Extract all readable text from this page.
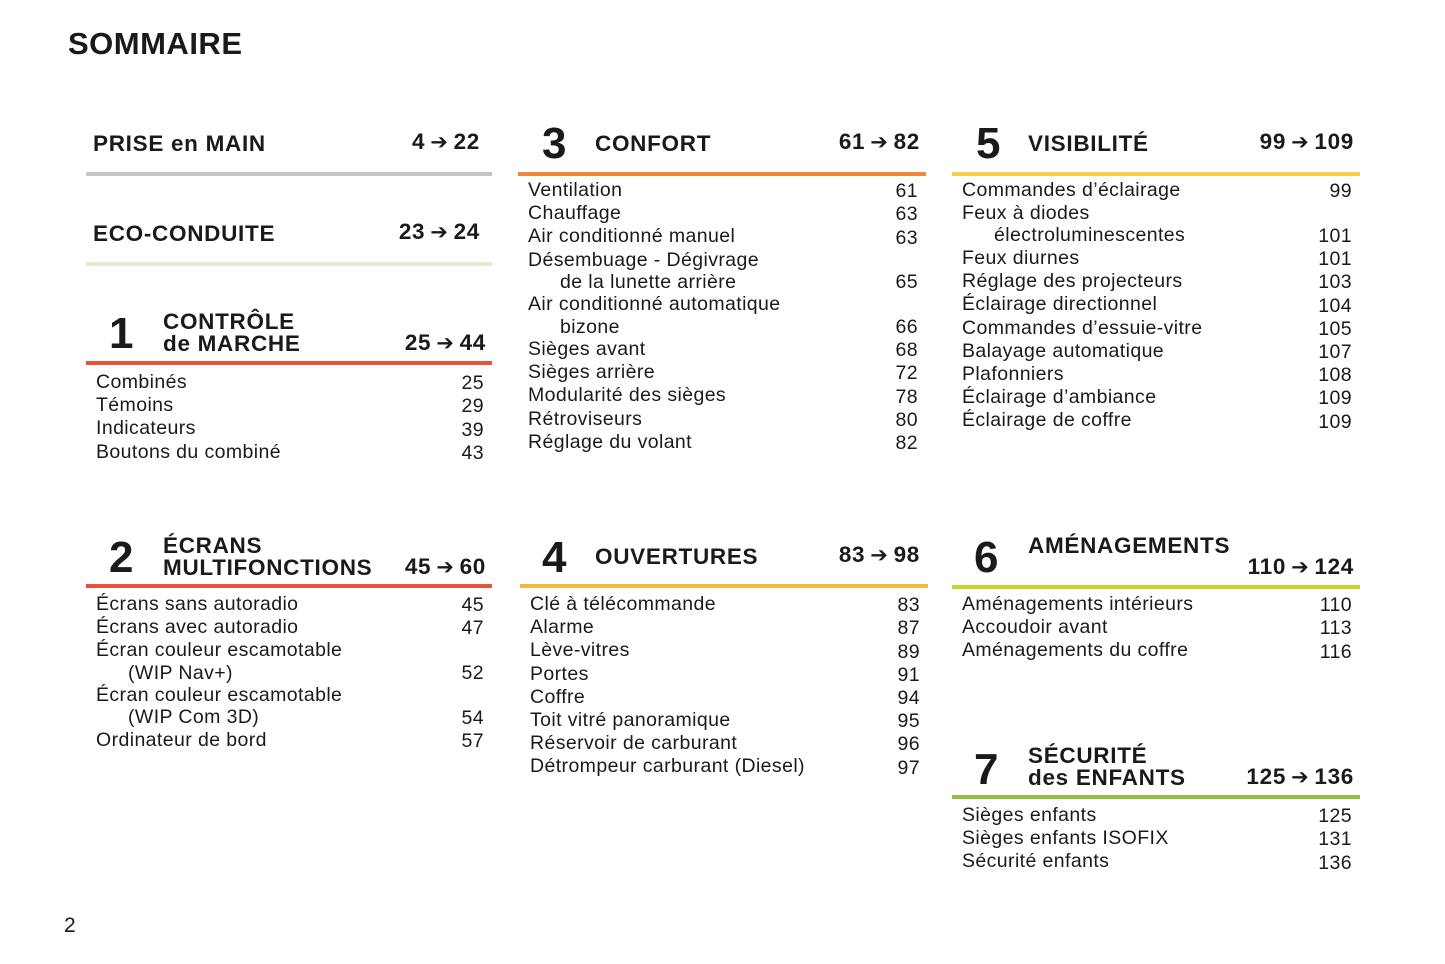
SOMMAIRE
PRISE en MAIN	4 ➔ 22
ECO-CONDUITE	23 ➔ 24
1 CONTRÔLE
de MARCHE	25 ➔ 44
Combinés	25
Témoins	29
Indicateurs	39
Boutons du combiné	43
2 ÉCRANS
MULTIFONCTIONS 45 ➔ 60
Écrans sans autoradio	45
Écrans avec autoradio	47
Écran couleur escamotable
(WIP Nav+)	52
Écran couleur escamotable
(WIP Com 3D)	54
Ordinateur de bord	57
3 CONFORT	61 ➔ 82
Ventilation	61
Chauffage	63
Air conditionné manuel	63
Désembuage - Dégivrage
de la lunette arrière	65
Air conditionné automatique
bizone	66
Sièges avant	68
Sièges arrière	72
Modularité des sièges	78
Rétroviseurs	80
Réglage du volant	82
4 OUVERTURES	83 ➔ 98
Clé à télécommande	83
Alarme	87
Lève-vitres	89
Portes	91
Coffre	94
Toit vitré panoramique	95
Réservoir de carburant	96
Détrompeur carburant (Diesel)	97
5 VISIBILITÉ	99 ➔ 109
Commandes d’éclairage	99
Feux à diodes
électroluminescentes	101
Feux diurnes	101
Réglage des projecteurs	103
Éclairage directionnel	104
Commandes d’essuie-vitre	105
Balayage automatique	107
Plafonniers	108
Éclairage d’ambiance	109
Éclairage de coffre	109
6 AMÉNAGEMENTS
110 ➔ 124
Aménagements intérieurs	110
Accoudoir avant	113
Aménagements du coffre	116
7 SÉCURITÉ
des ENFANTS	125 ➔ 136
Sièges enfants	125
Sièges enfants ISOFIX	131
Sécurité enfants	136
2
